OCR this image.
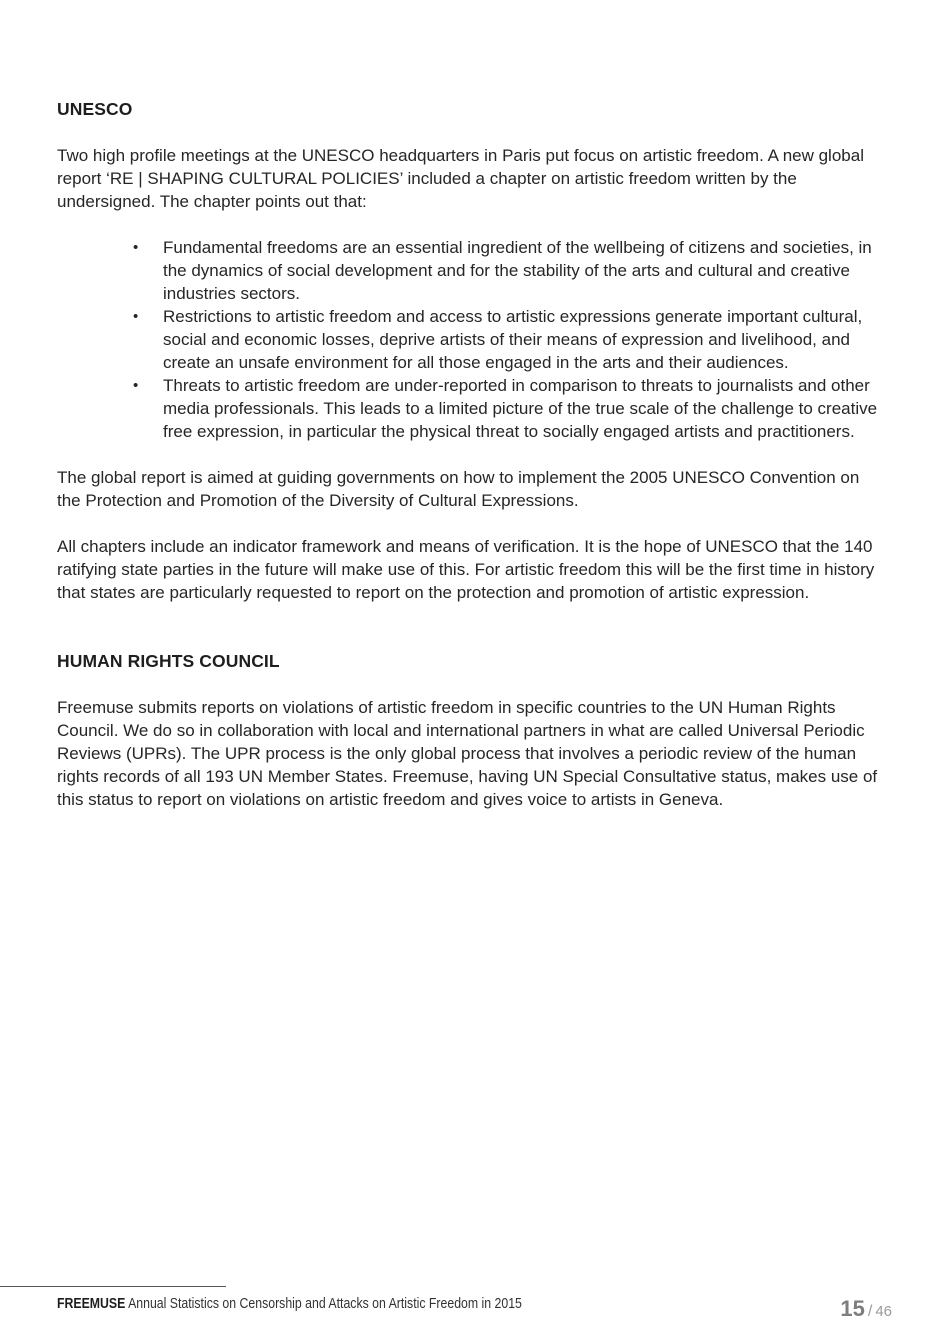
UNESCO

Two high profile meetings at the UNESCO headquarters in Paris put focus on artistic freedom. A new global report ‘RE | SHAPING CULTURAL POLICIES’ included a chapter on artistic freedom written by the undersigned. The chapter points out that:

• Fundamental freedoms are an essential ingredient of the wellbeing of citizens and societies, in the dynamics of social development and for the stability of the arts and cultural and creative industries sectors.
• Restrictions to artistic freedom and access to artistic expressions generate important cultural, social and economic losses, deprive artists of their means of expression and livelihood, and create an unsafe environment for all those engaged in the arts and their audiences.
• Threats to artistic freedom are under-reported in comparison to threats to journalists and other media professionals. This leads to a limited picture of the true scale of the challenge to creative free expression, in particular the physical threat to socially engaged artists and practitioners.

The global report is aimed at guiding governments on how to implement the 2005 UNESCO Convention on the Protection and Promotion of the Diversity of Cultural Expressions.

All chapters include an indicator framework and means of verification. It is the hope of UNESCO that the 140 ratifying state parties in the future will make use of this. For artistic freedom this will be the first time in history that states are particularly requested to report on the protection and promotion of artistic expression.

HUMAN RIGHTS COUNCIL

Freemuse submits reports on violations of artistic freedom in specific countries to the UN Human Rights Council. We do so in collaboration with local and international partners in what are called Universal Periodic Reviews (UPRs). The UPR process is the only global process that involves a periodic review of the human rights records of all 193 UN Member States. Freemuse, having UN Special Consultative status, makes use of this status to report on violations on artistic freedom and gives voice to artists in Geneva.

FREEMUSE Annual Statistics on Censorship and Attacks on Artistic Freedom in 2015	15 / 46
